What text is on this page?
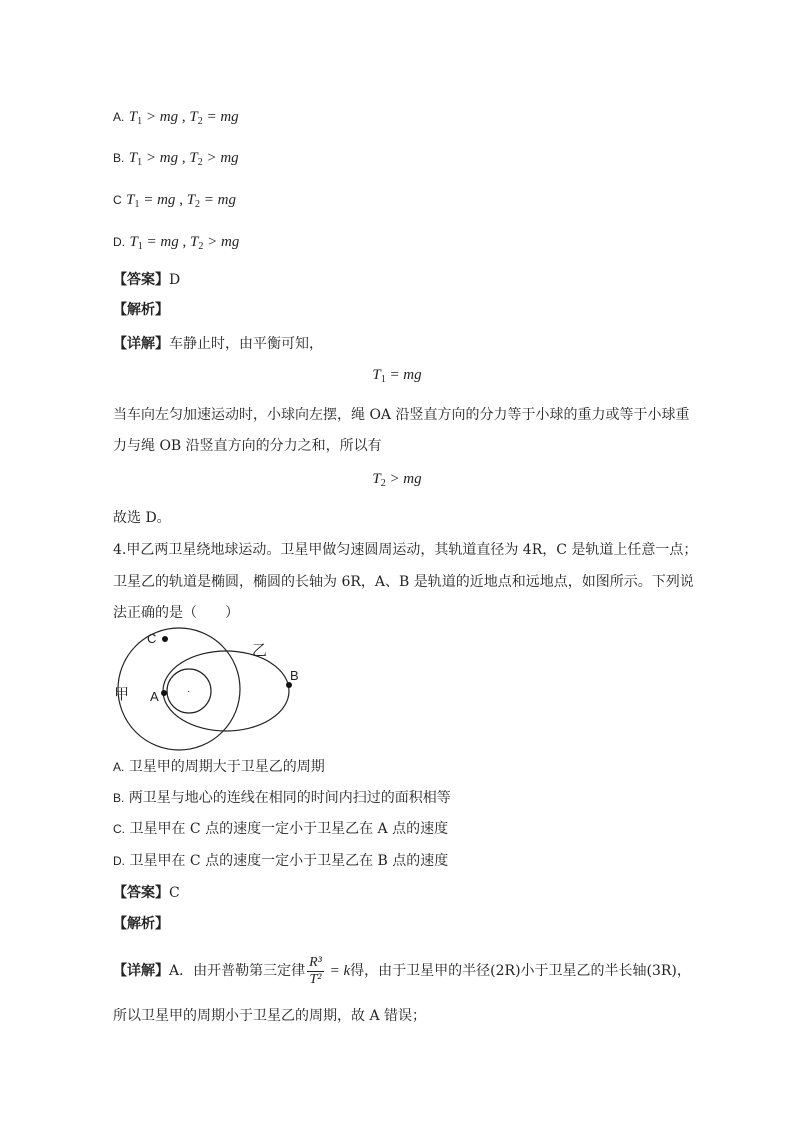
A. $T_1$ > mg , $T_2$ = mg
B. $T_1$ > mg , $T_2$ > mg
C $T_1$ = mg , $T_2$ = mg
D. $T_1$ = mg , $T_2$ > mg
【答案】D
【解析】
【详解】车静止时，由平衡可知，
$T_1$ = mg
当车向左匀加速运动时，小球向左摆，绳 OA 沿竖直方向的分力等于小球的重力或等于小球重
力与绳 OB 沿竖直方向的分力之和，所以有
$T_2$ > mg
故选 D。
4.甲乙两卫星绕地球运动。卫星甲做匀速圆周运动，其轨道直径为 4R，C 是轨道上任意一点；
卫星乙的轨道是椭圆，椭圆的长轴为 6R，A、B 是轨道的近地点和远地点，如图所示。下列说
法正确的是（　　）
·
C
A
B
乙
甲
A. 卫星甲的周期大于卫星乙的周期
B. 两卫星与地心的连线在相同的时间内扫过的面积相等
C. 卫星甲在 C 点的速度一定小于卫星乙在 A 点的速度
D. 卫星甲在 C 点的速度一定小于卫星乙在 B 点的速度
【答案】C
【解析】
【详解】A．由开普勒第三定律 $\frac{\text{R³}}{\text{T²}} = k$得，由于卫星甲的半径(2R)小于卫星乙的半长轴(3R)，
所以卫星甲的周期小于卫星乙的周期，故 A 错误；
